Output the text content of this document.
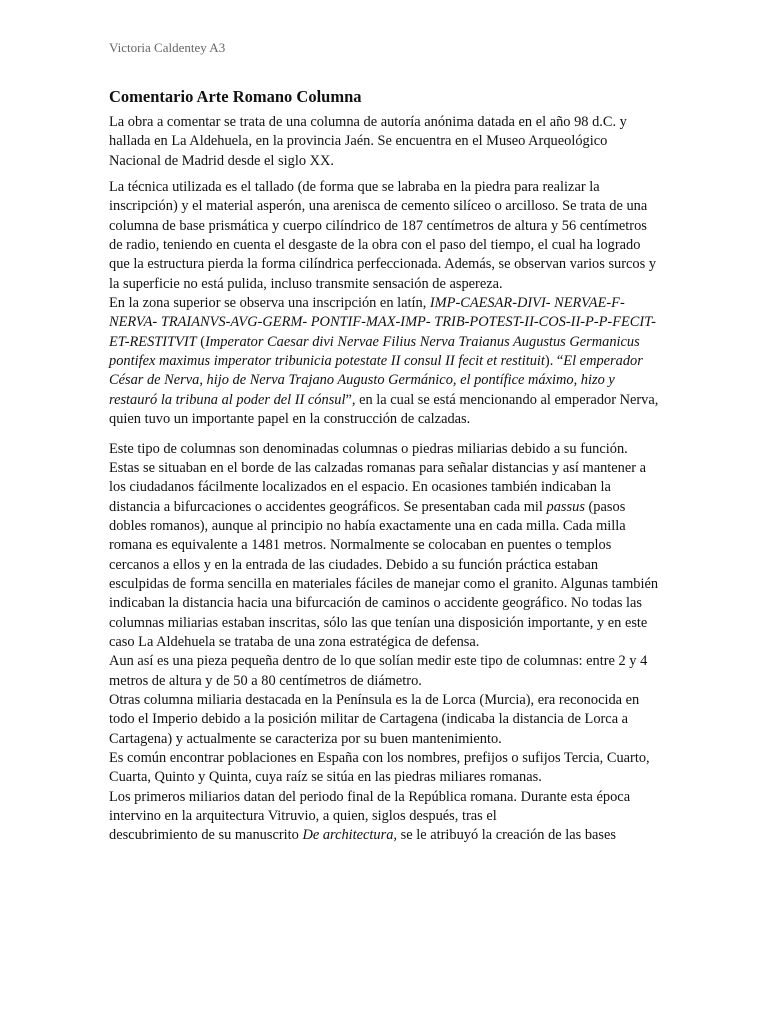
Victoria Caldentey A3
Comentario Arte Romano Columna

La obra a comentar se trata de una columna de autoría anónima datada en el año 98 d.C. y hallada en La Aldehuela, en la provincia Jaén. Se encuentra en el Museo Arqueológico Nacional de Madrid desde el siglo XX.

La técnica utilizada es el tallado (de forma que se labraba en la piedra para realizar la inscripción) y el material asperón, una arenisca de cemento silíceo o arcilloso. Se trata de una columna de base prismática y cuerpo cilíndrico de 187 centímetros de altura y 56 centímetros de radio, teniendo en cuenta el desgaste de la obra con el paso del tiempo, el cual ha logrado que la estructura pierda la forma cilíndrica perfeccionada. Además, se observan varios surcos y la superficie no está pulida, incluso transmite sensación de aspereza.

En la zona superior se observa una inscripción en latín, IMP-CAESAR-DIVI- NERVAE-F-NERVA- TRAIANVS-AVG-GERM- PONTIF-MAX-IMP- TRIB-POTEST-II-COS-II-P-P-FECIT-ET-RESTITVIT (Imperator Caesar divi Nervae Filius Nerva Traianus Augustus Germanicus pontifex maximus imperator tribunicia potestate II consul II fecit et restituit). “El emperador César de Nerva, hijo de Nerva Trajano Augusto Germánico, el pontífice máximo, hizo y restauró la tribuna al poder del II cónsul”, en la cual se está mencionando al emperador Nerva, quien tuvo un importante papel en la construcción de calzadas.

Este tipo de columnas son denominadas columnas o piedras miliarias debido a su función. Estas se situaban en el borde de las calzadas romanas para señalar distancias y así mantener a los ciudadanos fácilmente localizados en el espacio. En ocasiones también indicaban la distancia a bifurcaciones o accidentes geográficos. Se presentaban cada mil passus (pasos dobles romanos), aunque al principio no había exactamente una en cada milla. Cada milla romana es equivalente a 1481 metros. Normalmente se colocaban en puentes o templos cercanos a ellos y en la entrada de las ciudades. Debido a su función práctica estaban esculpidas de forma sencilla en materiales fáciles de manejar como el granito. Algunas también indicaban la distancia hacia una bifurcación de caminos o accidente geográfico. No todas las columnas miliarias estaban inscritas, sólo las que tenían una disposición importante, y en este caso La Aldehuela se trataba de una zona estratégica de defensa.

Aun así es una pieza pequeña dentro de lo que solían medir este tipo de columnas: entre 2 y 4 metros de altura y de 50 a 80 centímetros de diámetro.

Otras columna miliaria destacada en la Península es la de Lorca (Murcia), era reconocida en todo el Imperio debido a la posición militar de Cartagena (indicaba la distancia de Lorca a Cartagena) y actualmente se caracteriza por su buen mantenimiento.

Es común encontrar poblaciones en España con los nombres, prefijos o sufijos Tercia, Cuarto, Cuarta, Quinto y Quinta, cuya raíz se sitúa en las piedras miliares romanas.

Los primeros miliarios datan del periodo final de la República romana. Durante esta época intervino en la arquitectura Vitruvio, a quien, siglos después, tras el

descubrimiento de su manuscrito De architectura, se le atribuyó la creación de las bases
